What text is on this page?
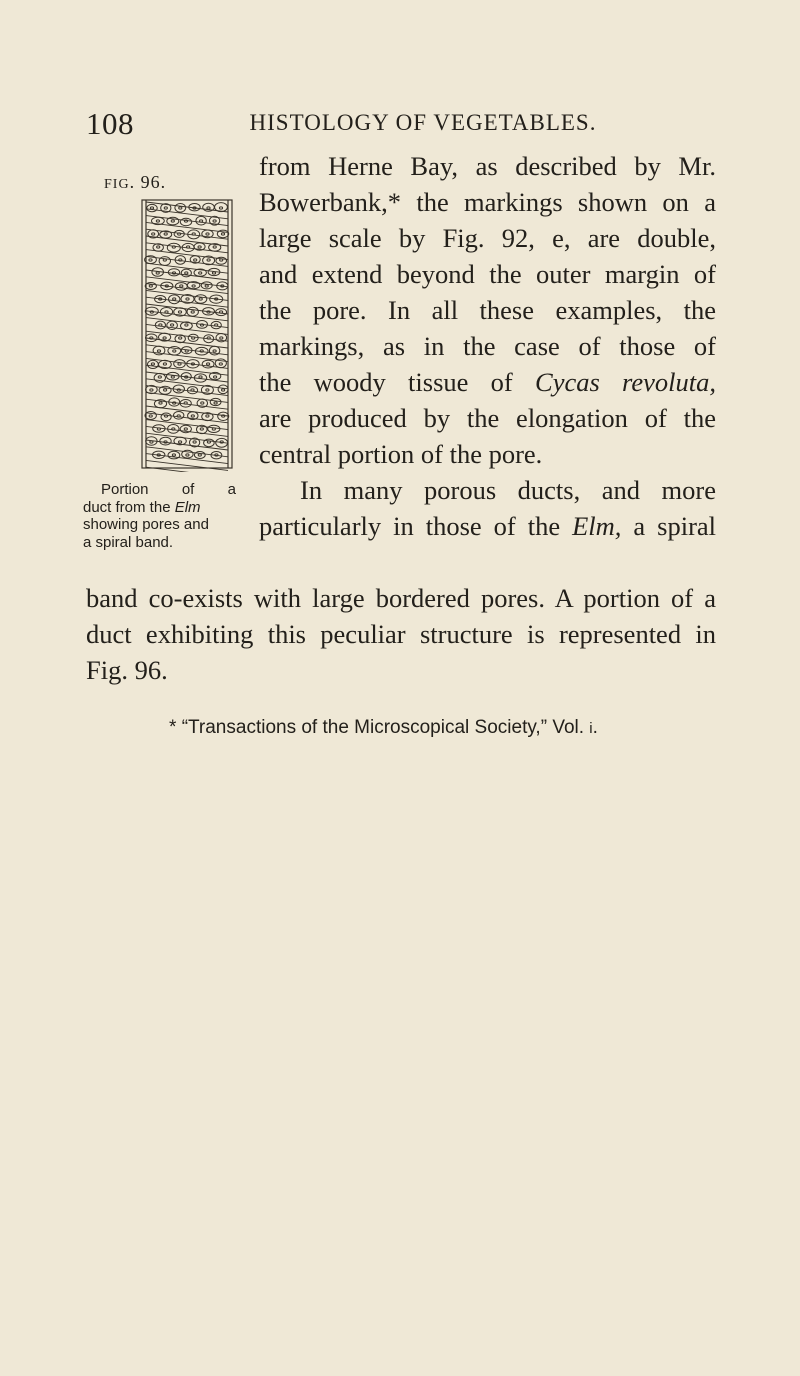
108	HISTOLOGY OF VEGETABLES.
FIG. 96.
Portion of a
duct from the Elm
showing pores and
a spiral band.
from Herne Bay, as described by Mr.
Bowerbank,* the markings shown on a
large scale by Fig. 92, e, are double,
and extend beyond the outer margin of
the pore. In all these examples, the
markings, as in the case of those of
the woody tissue of Cycas revoluta,
are produced by the elongation of the
central portion of the pore.
In many porous ducts, and more
particularly in those of the Elm, a spiral
band co-exists with large bordered pores. A portion of a
duct exhibiting this peculiar structure is represented in
Fig. 96.
* “Transactions of the Microscopical Society,” Vol. i.
